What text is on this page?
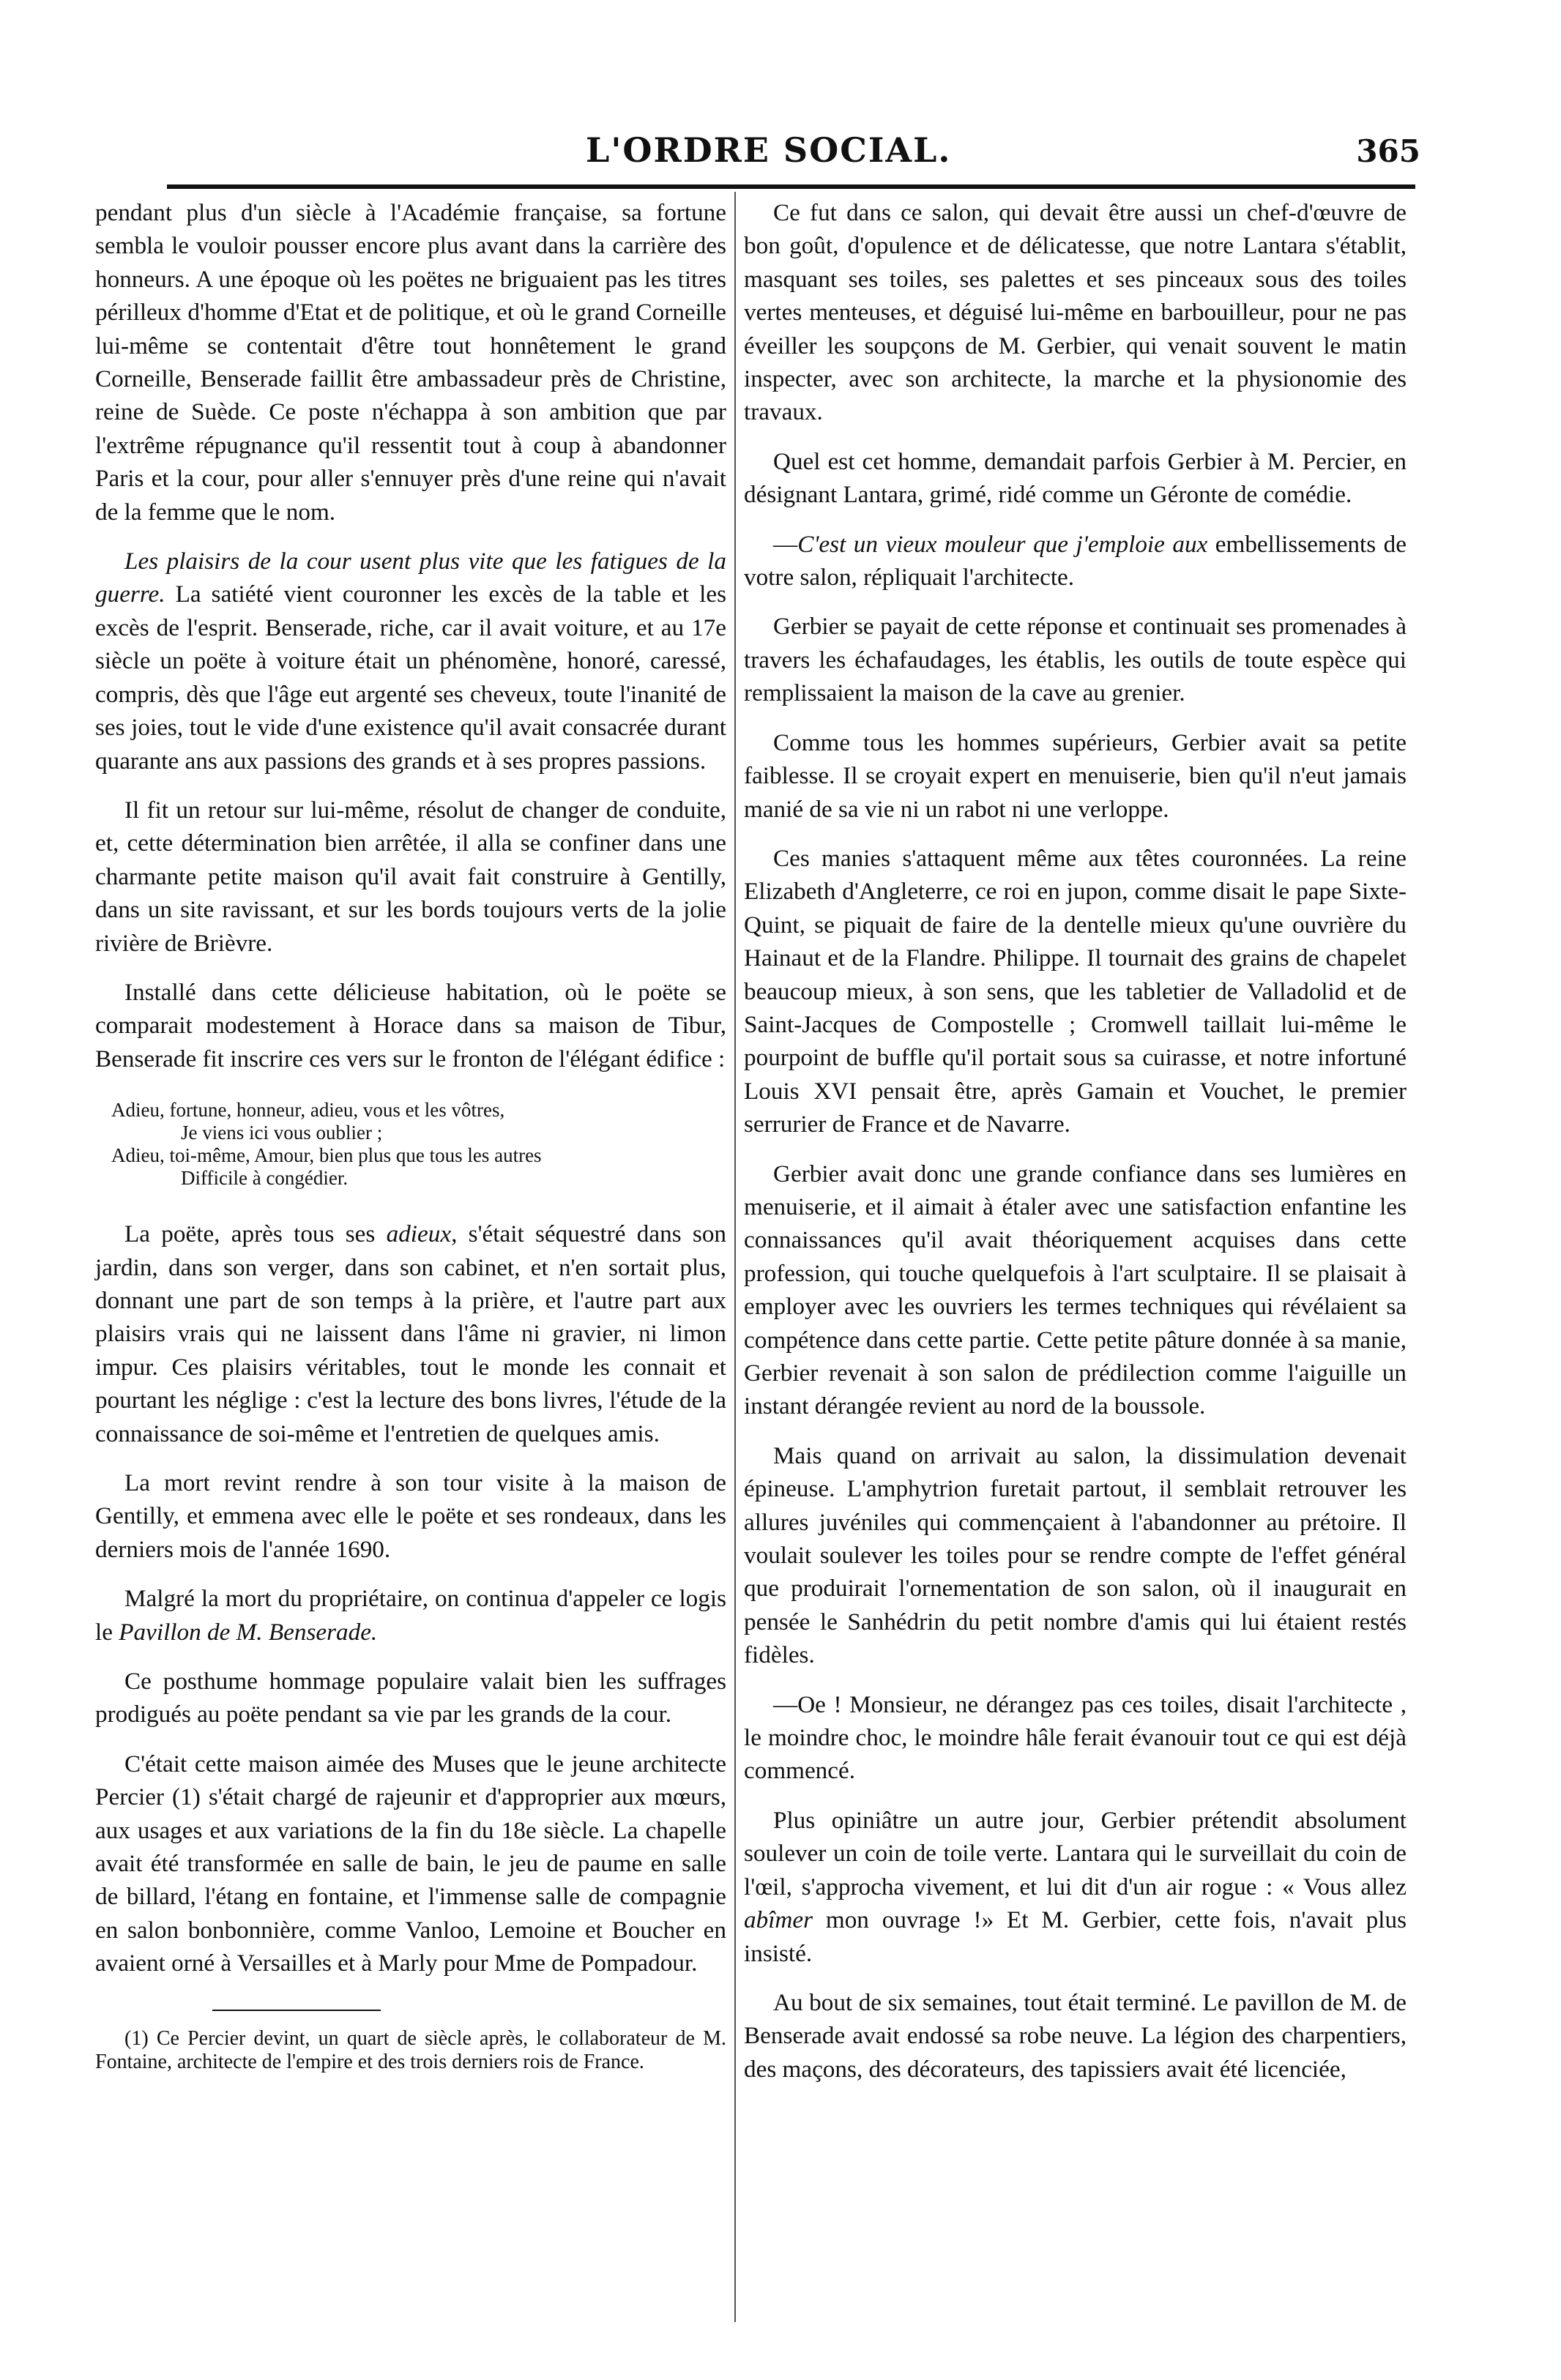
L'ORDRE SOCIAL.	365

pendant plus d'un siècle à l'Académie française, sa fortune sembla le vouloir pousser encore plus avant dans la carrière des honneurs. A une époque où les poëtes ne briguaient pas les titres périlleux d'homme d'Etat et de politique, et où le grand Corneille lui-même se contentait d'être tout honnêtement le grand Corneille, Benserade faillit être ambassadeur près de Christine, reine de Suède. Ce poste n'échappa à son ambition que par l'extrême répugnance qu'il ressentit tout à coup à abandonner Paris et la cour, pour aller s'ennuyer près d'une reine qui n'avait de la femme que le nom.

Les plaisirs de la cour usent plus vite que les fatigues de la guerre. La satiété vient couronner les excès de la table et les excès de l'esprit. Benserade, riche, car il avait voiture, et au 17e siècle un poëte à voiture était un phénomène, honoré, caressé, compris, dès que l'âge eut argenté ses cheveux, toute l'inanité de ses joies, tout le vide d'une existence qu'il avait consacrée durant quarante ans aux passions des grands et à ses propres passions.

Il fit un retour sur lui-même, résolut de changer de conduite, et, cette détermination bien arrêtée, il alla se confiner dans une charmante petite maison qu'il avait fait construire à Gentilly, dans un site ravissant, et sur les bords toujours verts de la jolie rivière de Brièvre.

Installé dans cette délicieuse habitation, où le poëte se comparait modestement à Horace dans sa maison de Tibur, Benserade fit inscrire ces vers sur le fronton de l'élégant édifice :

Adieu, fortune, honneur, adieu, vous et les vôtres,
Je viens ici vous oublier ;
Adieu, toi-même, Amour, bien plus que tous les autres
Difficile à congédier.

La poëte, après tous ses adieux, s'était séquestré dans son jardin, dans son verger, dans son cabinet, et n'en sortait plus, donnant une part de son temps à la prière, et l'autre part aux plaisirs vrais qui ne laissent dans l'âme ni gravier, ni limon impur. Ces plaisirs véritables, tout le monde les connait et pourtant les néglige : c'est la lecture des bons livres, l'étude de la connaissance de soi-même et l'entretien de quelques amis.

La mort revint rendre à son tour visite à la maison de Gentilly, et emmena avec elle le poëte et ses rondeaux, dans les derniers mois de l'année 1690.

Malgré la mort du propriétaire, on continua d'appeler ce logis le Pavillon de M. Benserade.

Ce posthume hommage populaire valait bien les suffrages prodigués au poëte pendant sa vie par les grands de la cour.

C'était cette maison aimée des Muses que le jeune architecte Percier (1) s'était chargé de rajeunir et d'approprier aux mœurs, aux usages et aux variations de la fin du 18e siècle. La chapelle avait été transformée en salle de bain, le jeu de paume en salle de billard, l'étang en fontaine, et l'immense salle de compagnie en salon bonbonnière, comme Vanloo, Lemoine et Boucher en avaient orné à Versailles et à Marly pour Mme de Pompadour.

(1) Ce Percier devint, un quart de siècle après, le collaborateur de M. Fontaine, architecte de l'empire et des trois derniers rois de France.

Ce fut dans ce salon, qui devait être aussi un chef-d'œuvre de bon goût, d'opulence et de délicatesse, que notre Lantara s'établit, masquant ses toiles, ses palettes et ses pinceaux sous des toiles vertes menteuses, et déguisé lui-même en barbouilleur, pour ne pas éveiller les soupçons de M. Gerbier, qui venait souvent le matin inspecter, avec son architecte, la marche et la physionomie des travaux.

Quel est cet homme, demandait parfois Gerbier à M. Percier, en désignant Lantara, grimé, ridé comme un Géronte de comédie.

—C'est un vieux mouleur que j'emploie aux embellissements de votre salon, répliquait l'architecte.

Gerbier se payait de cette réponse et continuait ses promenades à travers les échafaudages, les établis, les outils de toute espèce qui remplissaient la maison de la cave au grenier.

Comme tous les hommes supérieurs, Gerbier avait sa petite faiblesse. Il se croyait expert en menuiserie, bien qu'il n'eut jamais manié de sa vie ni un rabot ni une verloppe.

Ces manies s'attaquent même aux têtes couronnées. La reine Elizabeth d'Angleterre, ce roi en jupon, comme disait le pape Sixte-Quint, se piquait de faire de la dentelle mieux qu'une ouvrière du Hainaut et de la Flandre. Philippe. Il tournait des grains de chapelet beaucoup mieux, à son sens, que les tabletier de Valladolid et de Saint-Jacques de Compostelle ; Cromwell taillait lui-même le pourpoint de buffle qu'il portait sous sa cuirasse, et notre infortuné Louis XVI pensait être, après Gamain et Vouchet, le premier serrurier de France et de Navarre.

Gerbier avait donc une grande confiance dans ses lumières en menuiserie, et il aimait à étaler avec une satisfaction enfantine les connaissances qu'il avait théoriquement acquises dans cette profession, qui touche quelquefois à l'art sculptaire. Il se plaisait à employer avec les ouvriers les termes techniques qui révélaient sa compétence dans cette partie. Cette petite pâture donnée à sa manie, Gerbier revenait à son salon de prédilection comme l'aiguille un instant dérangée revient au nord de la boussole.

Mais quand on arrivait au salon, la dissimulation devenait épineuse. L'amphytrion furetait partout, il semblait retrouver les allures juvéniles qui commençaient à l'abandonner au prétoire. Il voulait soulever les toiles pour se rendre compte de l'effet général que produirait l'ornementation de son salon, où il inaugurait en pensée le Sanhédrin du petit nombre d'amis qui lui étaient restés fidèles.

—Oe ! Monsieur, ne dérangez pas ces toiles, disait l'architecte , le moindre choc, le moindre hâle ferait évanouir tout ce qui est déjà commencé.

Plus opiniâtre un autre jour, Gerbier prétendit absolument soulever un coin de toile verte. Lantara qui le surveillait du coin de l'œil, s'approcha vivement, et lui dit d'un air rogue : « Vous allez abîmer mon ouvrage !» Et M. Gerbier, cette fois, n'avait plus insisté.

Au bout de six semaines, tout était terminé. Le pavillon de M. de Benserade avait endossé sa robe neuve. La légion des charpentiers, des maçons, des décorateurs, des tapissiers avait été licenciée,
